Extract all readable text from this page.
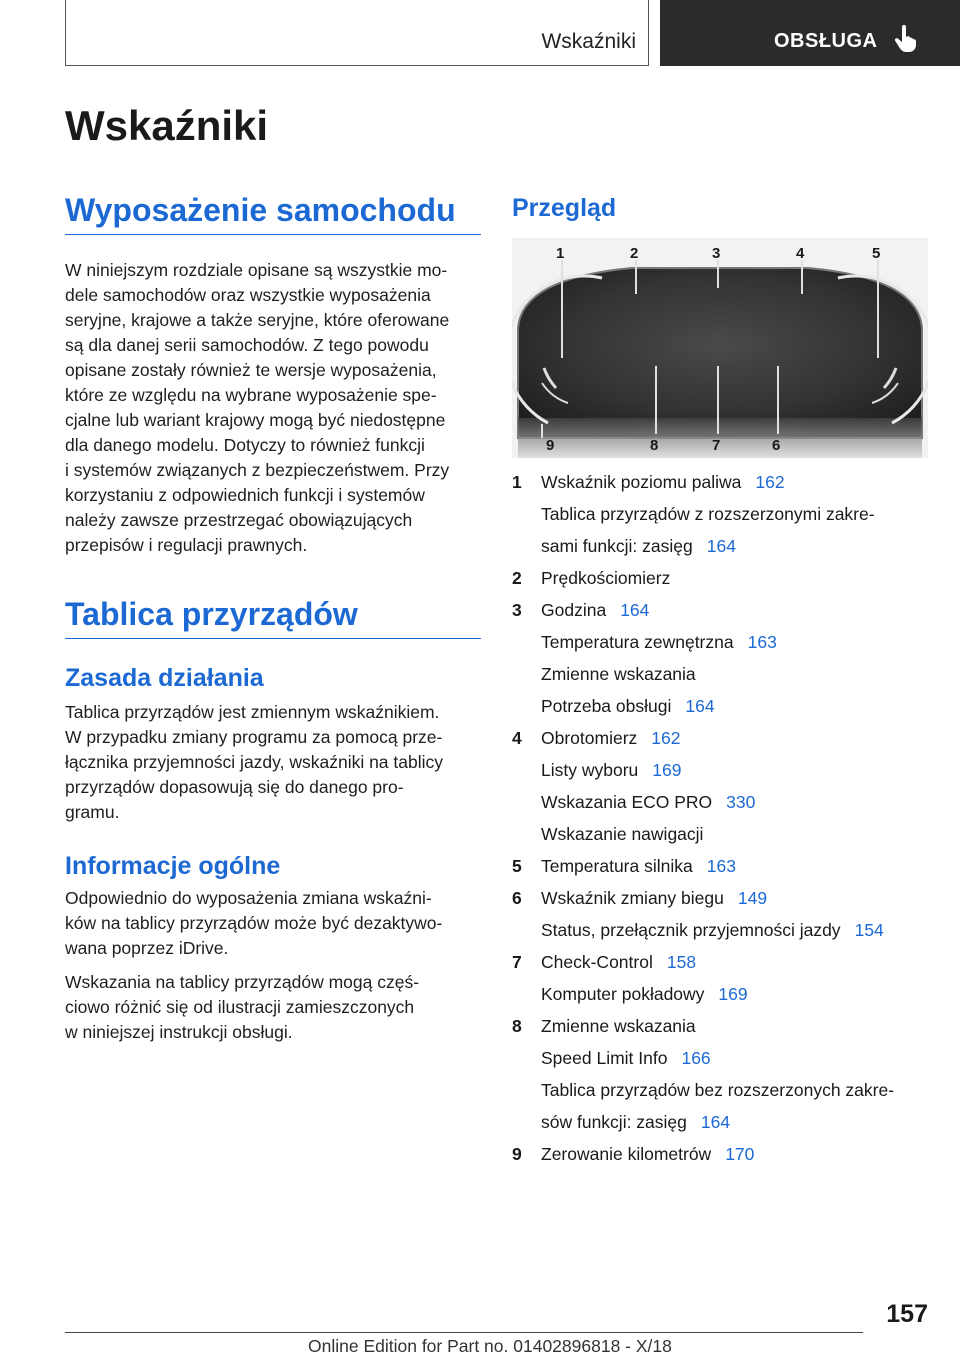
Wskaźniki	OBSŁUGA
Wskaźniki
Wyposażenie samochodu
W niniejszym rozdziale opisane są wszystkie mo‐
dele samochodów oraz wszystkie wyposażenia
seryjne, krajowe a także seryjne, które oferowane
są dla danej serii samochodów. Z tego powodu
opisane zostały również te wersje wyposażenia,
które ze względu na wybrane wyposażenie spe‐
cjalne lub wariant krajowy mogą być niedostępne
dla danego modelu. Dotyczy to również funkcji
i systemów związanych z bezpieczeństwem. Przy
korzystaniu z odpowiednich funkcji i systemów
należy zawsze przestrzegać obowiązujących
przepisów i regulacji prawnych.
Tablica przyrządów
Zasada działania
Tablica przyrządów jest zmiennym wskaźnikiem.
W przypadku zmiany programu za pomocą prze‐
łącznika przyjemności jazdy, wskaźniki na tablicy
przyrządów dopasowują się do danego pro‐
gramu.
Informacje ogólne
Odpowiednio do wyposażenia zmiana wskaźni‐
ków na tablicy przyrządów może być dezaktywo‐
wana poprzez iDrive.
Wskazania na tablicy przyrządów mogą częś‐
ciowo różnić się od ilustracji zamieszczonych
w niniejszej instrukcji obsługi.
Przegląd
1	2	3	4	5
9	8	7	6
1	Wskaźnik poziomu paliwa 162
Tablica przyrządów z rozszerzonymi zakre‐
sami funkcji: zasięg 164
2	Prędkościomierz
3	Godzina 164
Temperatura zewnętrzna 163
Zmienne wskazania
Potrzeba obsługi 164
4	Obrotomierz 162
Listy wyboru 169
Wskazania ECO PRO 330
Wskazanie nawigacji
5	Temperatura silnika 163
6	Wskaźnik zmiany biegu 149
Status, przełącznik przyjemności jazdy 154
7	Check-Control 158
Komputer pokładowy 169
8	Zmienne wskazania
Speed Limit Info 166
Tablica przyrządów bez rozszerzonych zakre‐
sów funkcji: zasięg 164
9	Zerowanie kilometrów 170
157
Online Edition for Part no. 01402896818 - X/18
